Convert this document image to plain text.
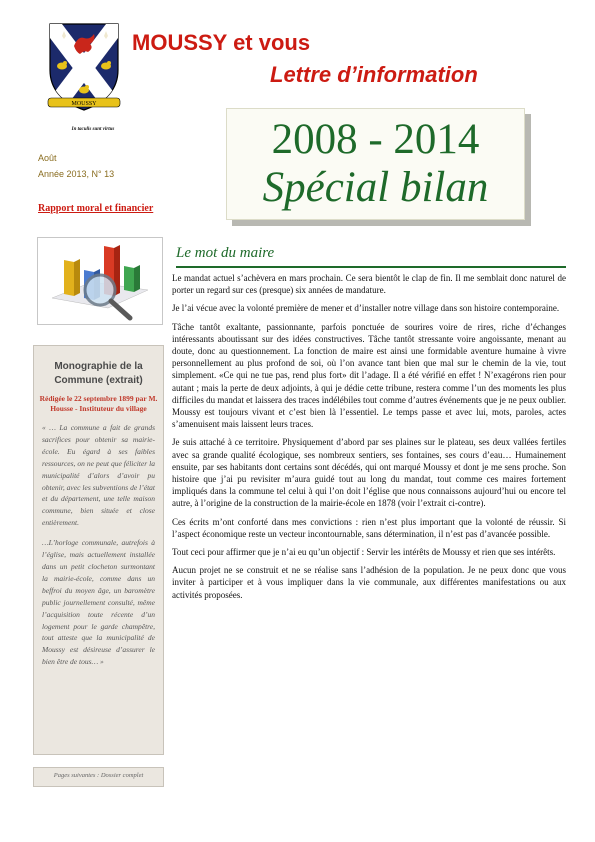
MOUSSY
In taculis sunt virtus
MOUSSY et vous
Lettre d’information
Août
Année 2013, N° 13
Rapport moral et financier
2008 - 2014
Spécial bilan
Monographie de la Commune (extrait)
Rédigée le 22 septembre 1899 par M. Housse - Instituteur du village

« … La commune a fait de grands sacrifices pour obtenir sa mairie-école. Eu égard à ses faibles ressources, on ne peut que féliciter la municipalité d’alors d’avoir pu obtenir, avec les subventions de l’état et du département, une telle maison commune, bien située et close entièrement.

…L’horloge communale, autrefois à l’église, mais actuellement installée dans un petit clocheton surmontant la mairie-école, comme dans un beffroi du moyen âge, un baromètre public journellement consulté, même l’acquisition toute récente d’un logement pour le garde champêtre, tout atteste que la municipalité de Moussy est désireuse d’assurer le bien être de tous… »

Pages suivantes : Dossier complet
Le mot du maire

Le mandat actuel s’achèvera en mars prochain. Ce sera bientôt le clap de fin. Il me semblait donc naturel de porter un regard sur ces (presque) six années de mandature.

Je l’ai vécue avec la volonté première de mener et d’installer notre village dans son histoire contemporaine.

Tâche tantôt exaltante, passionnante, parfois ponctuée de sourires voire de rires, riche d’échanges intéressants aboutissant sur des idées constructives. Tâche tantôt stressante voire angoissante, menant au doute, donc au questionnement. La fonction de maire est ainsi une formidable aventure humaine à vivre personnellement au plus profond de soi, où l’on avance tant bien que mal sur le chemin de la vie, tout simplement. «Ce qui ne tue pas, rend plus fort» dit l’adage. Il a été vérifié en effet ! N’exagérons rien pour autant ; mais la perte de deux adjoints, à qui je dédie cette tribune, restera comme l’un des moments les plus difficiles du mandat et laissera des traces indélébiles tout comme d’autres événements que je ne peux oublier. Moussy est toujours vivant et c’est bien là l’essentiel. Le temps passe et avec lui, mots, paroles, actes s’amenuisent mais laissent leurs traces.

Je suis attaché à ce territoire. Physiquement d’abord par ses plaines sur le plateau, ses deux vallées fertiles avec sa grande qualité écologique, ses nombreux sentiers, ses fontaines, ses cours d’eau… Humainement ensuite, par ses habitants dont certains sont décédés, qui ont marqué Moussy et dont je me sens proche. Son histoire que j’ai pu revisiter m’aura guidé tout au long du mandat, tout comme ces maires fortement impliqués dans la commune tel celui à qui l’on doit l’église que nous connaissons aujourd’hui ou encore tel autre, à l’origine de la construction de la mairie-école en 1878 (voir l’extrait ci-contre).

Ces écrits m’ont conforté dans mes convictions : rien n’est plus important que la volonté de réussir. Si l’aspect économique reste un vecteur incontournable, sans détermination, il n’est pas d’avancée possible.

Tout ceci pour affirmer que je n’ai eu qu’un objectif : Servir les intérêts de Moussy et rien que ses intérêts.

Aucun projet ne se construit et ne se réalise sans l’adhésion de la population. Je ne peux donc que vous inviter à participer et à vous impliquer dans la vie communale, aux différentes manifestations ou aux activités proposées.
